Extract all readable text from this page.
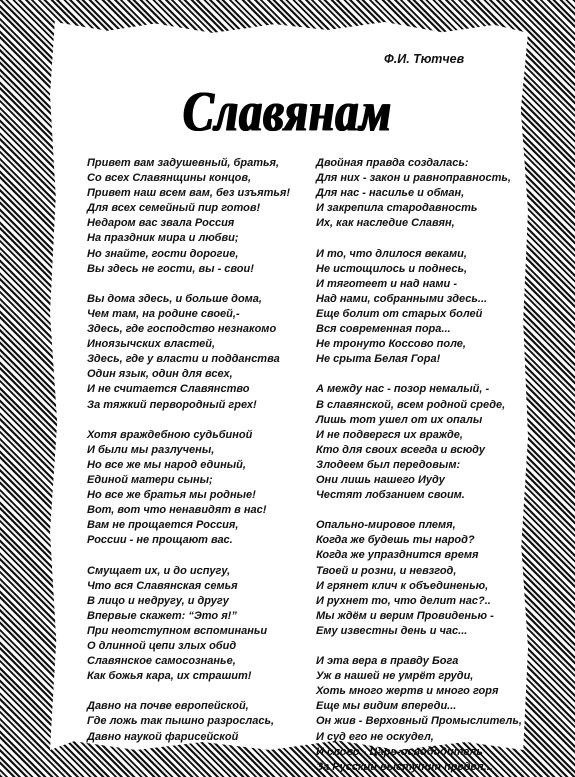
Ф.И. Тютчев
Славянам
Привет вам задушевный, братья,
Со всех Славянщины концов,
Привет наш всем вам, без изъятья!
Для всех семейный пир готов!
Недаром вас звала Россия
На праздник мира и любви;
Но знайте, гости дорогие,
Вы здесь не гости, вы - свои!
Вы дома здесь, и больше дома,
Чем там, на родине своей,-
Здесь, где господство незнакомо
Иноязычских властей,
Здесь, где у власти и подданства
Один язык, один для всех,
И не считается Славянство
За тяжкий первородный грех!
Хотя враждебною судьбиной
И были мы разлучены,
Но все же мы народ единый,
Единой матери сыны;
Но все же братья мы родные!
Вот, вот что ненавидят в нас!
Вам не прощается Россия,
России - не прощают вас.
Смущает их, и до испугу,
Что вся Славянская семья
В лицо и недругу, и другу
Впервые скажет: “Это я!”
При неотступном вспоминаньи
О длинной цепи злых обид
Славянское самосознанье,
Как божья кара, их страшит!
Давно на почве европейской,
Где ложь так пышно разрослась,
Давно наукой фарисейской
Двойная правда создалась:
Для них - закон и равноправность,
Для нас - насилье и обман,
И закрепила стародавность
Их, как наследие Славян,
И то, что длилося веками,
Не истощилось и поднесь,
И тяготеет и над нами -
Над нами, собранными здесь...
Еще болит от старых болей
Вся современная пора...
Не тронуто Коссово поле,
Не срыта Белая Гора!
А между нас - позор немалый, -
В славянской, всем родной среде,
Лишь тот ушел от их опалы
И не подвергся их вражде,
Кто для своих всегда и всюду
Злодеем был передовым:
Они лишь нашего Иуду
Честят лобзанием своим.
Опально-мировое племя,
Когда же будешь ты народ?
Когда же упразднится время
Твоей и розни, и невзгод,
И грянет клич к объединенью,
И рухнет то, что делит нас?..
Мы ждём и верим Провиденью -
Ему известны день и час...
И эта вера в правду Бога
Уж в нашей не умрёт груди,
Хоть много жертв и много горя
Еще мы видим впереди...
Он жив - Верховный Промыслитель,
И суд его не оскудел,
И слово - Царь-освободитель
За Русский выступит предел...
